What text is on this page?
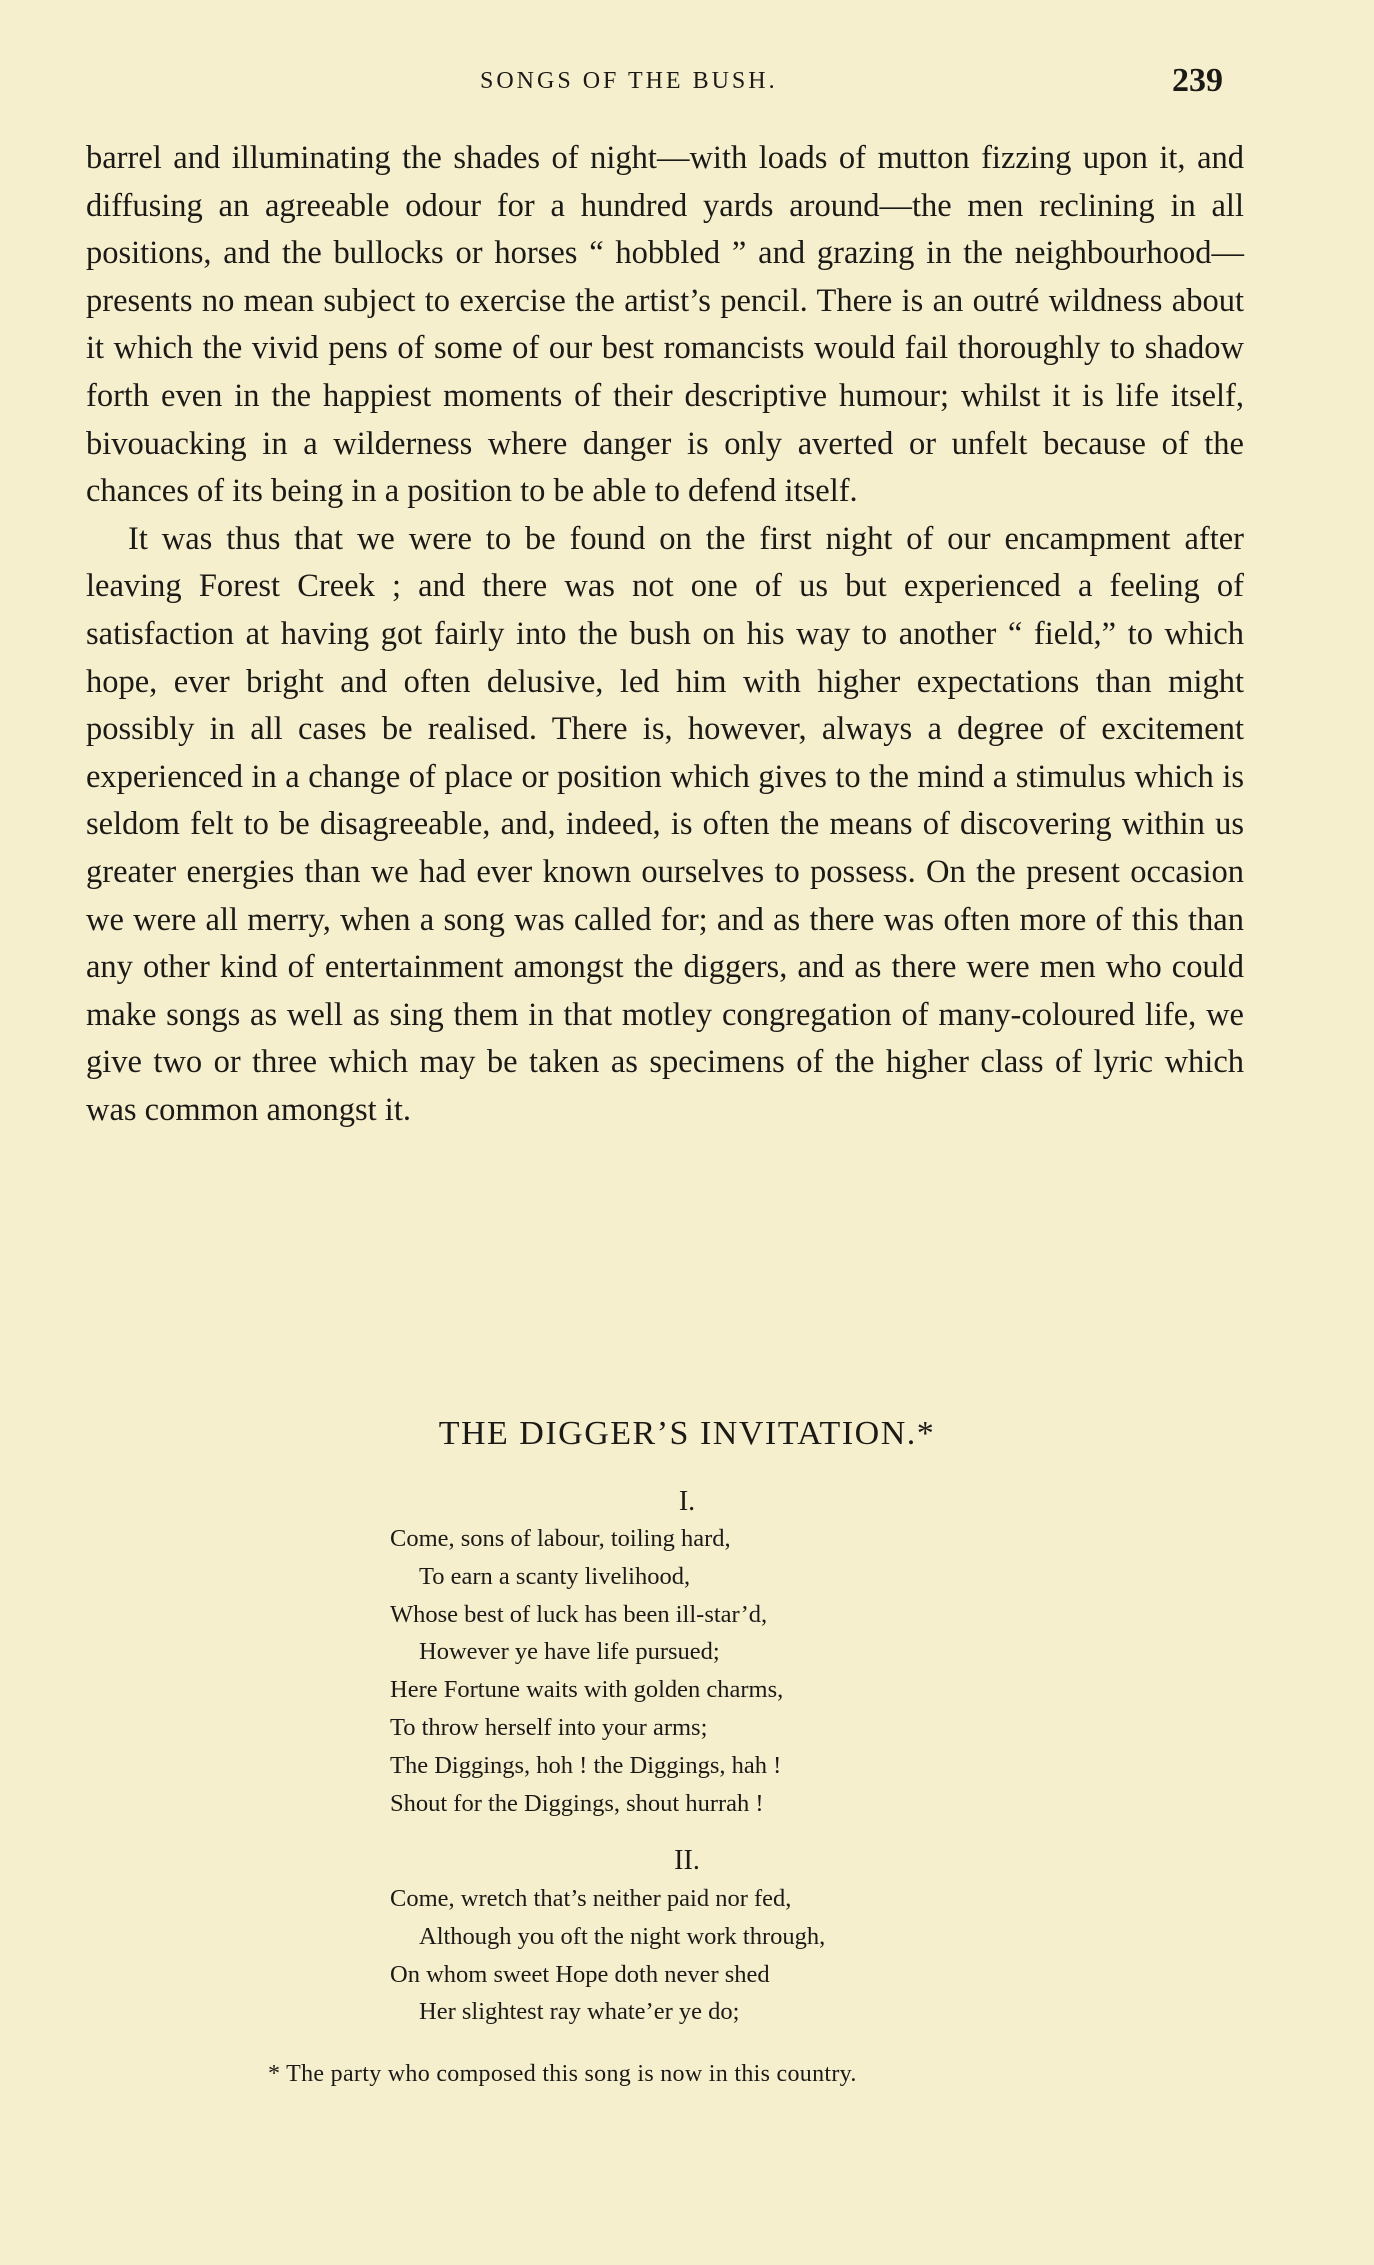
SONGS OF THE BUSH.	239

barrel and illuminating the shades of night—with loads of mutton fizzing upon it, and diffusing an agreeable odour for a hundred yards around—the men reclining in all positions, and the bullocks or horses “ hobbled ” and grazing in the neighbourhood—presents no mean subject to exercise the artist’s pencil. There is an outré wildness about it which the vivid pens of some of our best romancists would fail thoroughly to shadow forth even in the happiest moments of their descriptive humour; whilst it is life itself, bivouacking in a wilderness where danger is only averted or unfelt because of the chances of its being in a position to be able to defend itself.

It was thus that we were to be found on the first night of our encampment after leaving Forest Creek ; and there was not one of us but experienced a feeling of satisfaction at having got fairly into the bush on his way to another “ field,” to which hope, ever bright and often delusive, led him with higher expectations than might possibly in all cases be realised. There is, however, always a degree of excitement experienced in a change of place or position which gives to the mind a stimulus which is seldom felt to be disagreeable, and, indeed, is often the means of discovering within us greater energies than we had ever known ourselves to possess. On the present occasion we were all merry, when a song was called for; and as there was often more of this than any other kind of entertainment amongst the diggers, and as there were men who could make songs as well as sing them in that motley congregation of many-coloured life, we give two or three which may be taken as specimens of the higher class of lyric which was common amongst it.

THE DIGGER’S INVITATION.*
I.
Come, sons of labour, toiling hard,
To earn a scanty livelihood,
Whose best of luck has been ill-star’d,
However ye have life pursued;
Here Fortune waits with golden charms,
To throw herself into your arms;
The Diggings, hoh ! the Diggings, hah !
Shout for the Diggings, shout hurrah !
II.
Come, wretch that’s neither paid nor fed,
Although you oft the night work through,
On whom sweet Hope doth never shed
Her slightest ray whate’er ye do;
* The party who composed this song is now in this country.
